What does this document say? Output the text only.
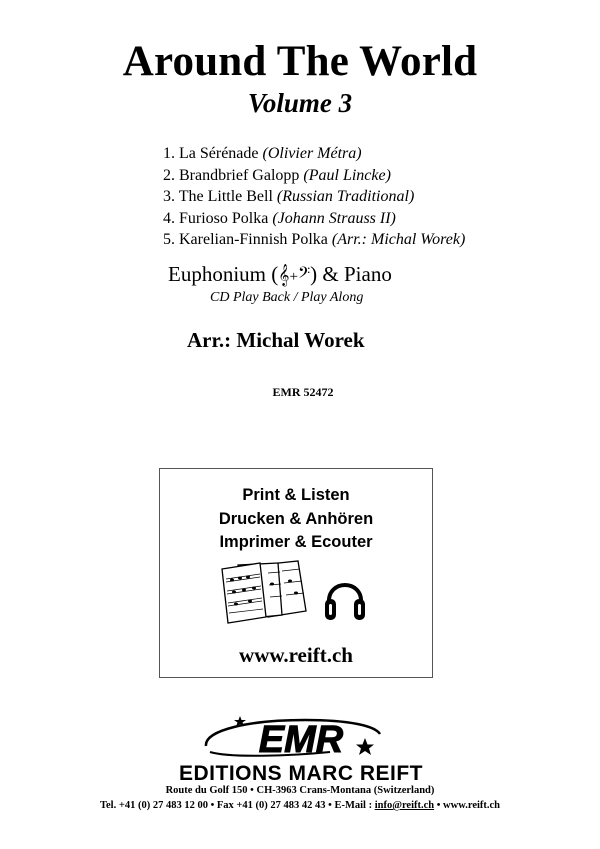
Around The World
Volume 3
1. La Sérénade (Olivier Métra)
2. Brandbrief Galopp (Paul Lincke)
3. The Little Bell (Russian Traditional)
4. Furioso Polka (Johann Strauss II)
5. Karelian-Finnish Polka (Arr.: Michal Worek)
Euphonium (𝄞+𝄢) & Piano
CD Play Back / Play Along
Arr.: Michal Worek
EMR 52472
Print & Listen
Drucken & Anhören
Imprimer & Ecouter
www.reift.ch
EMR
EDITIONS MARC REIFT
Route du Golf 150 • CH-3963 Crans-Montana (Switzerland)
Tel. +41 (0) 27 483 12 00 • Fax +41 (0) 27 483 42 43 • E-Mail : info@reift.ch • www.reift.ch
